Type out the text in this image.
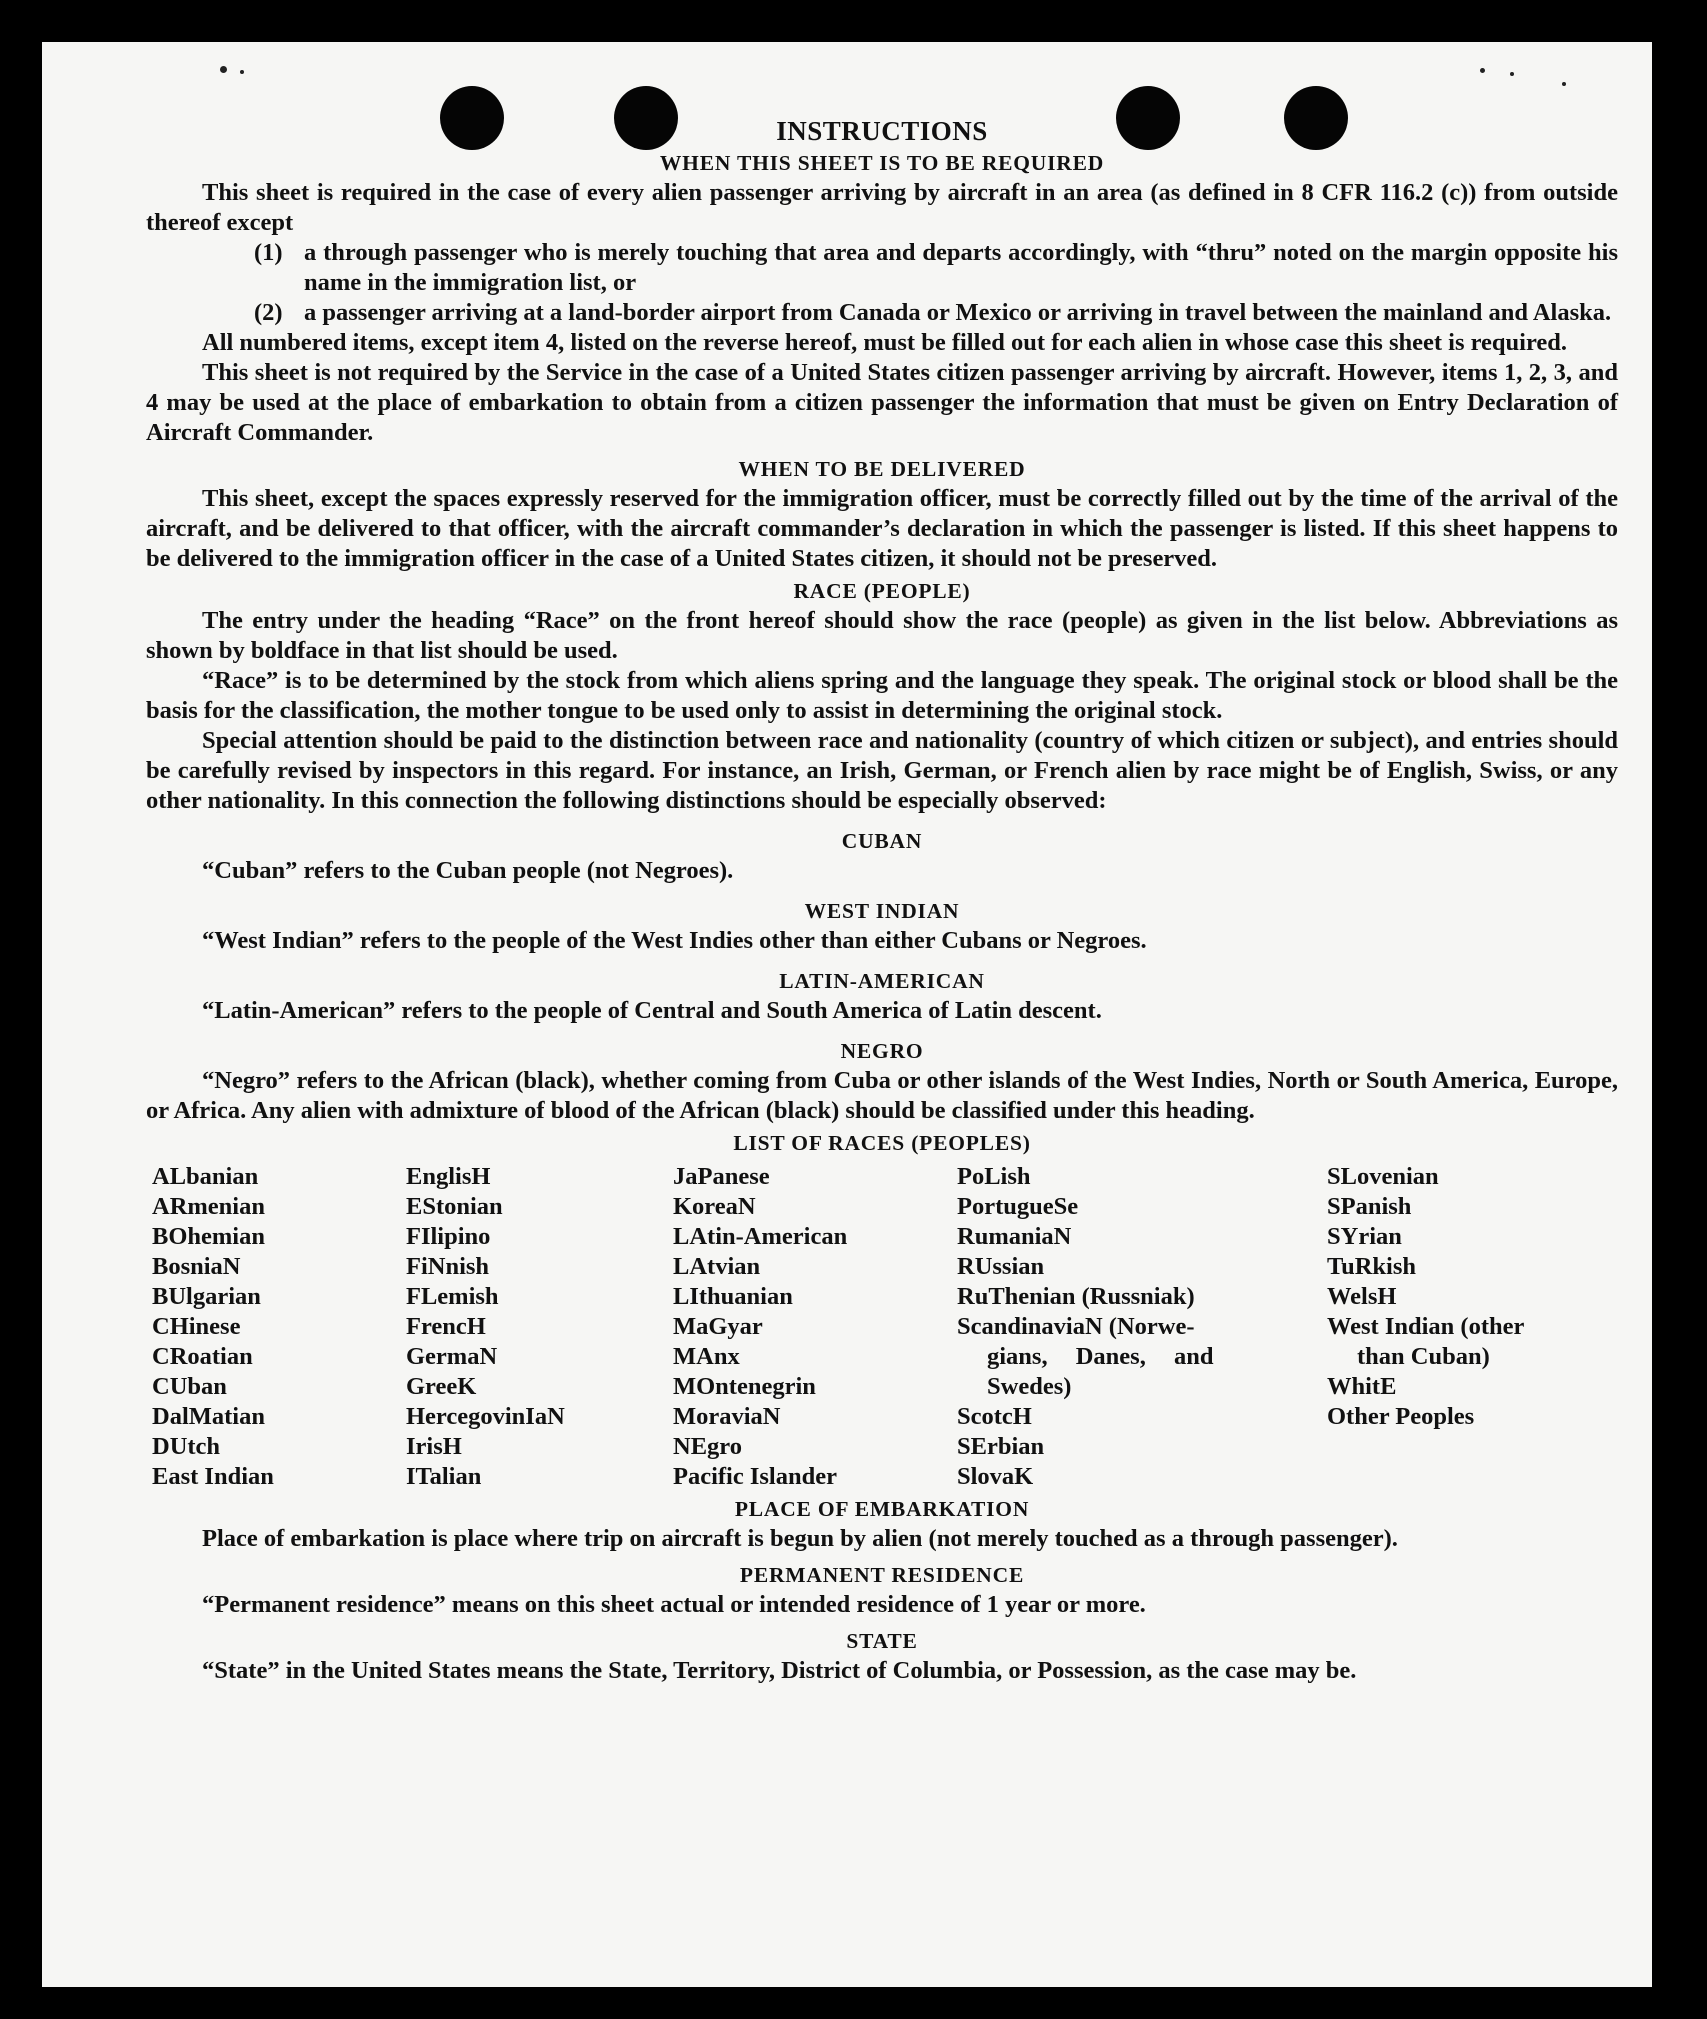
INSTRUCTIONS
WHEN THIS SHEET IS TO BE REQUIRED

This sheet is required in the case of every alien passenger arriving by aircraft in an area (as defined in 8 CFR 116.2 (c)) from outside thereof except

(1) a through passenger who is merely touching that area and departs accordingly, with “thru” noted on the margin opposite his name in the immigration list, or
(2) a passenger arriving at a land-border airport from Canada or Mexico or arriving in travel between the mainland and Alaska.

All numbered items, except item 4, listed on the reverse hereof, must be filled out for each alien in whose case this sheet is required.

This sheet is not required by the Service in the case of a United States citizen passenger arriving by aircraft. However, items 1, 2, 3, and 4 may be used at the place of embarkation to obtain from a citizen passenger the information that must be given on Entry Declaration of Aircraft Commander.

WHEN TO BE DELIVERED

This sheet, except the spaces expressly reserved for the immigration officer, must be correctly filled out by the time of the arrival of the aircraft, and be delivered to that officer, with the aircraft commander’s declaration in which the passenger is listed. If this sheet happens to be delivered to the immigration officer in the case of a United States citizen, it should not be preserved.

RACE (PEOPLE)

The entry under the heading “Race” on the front hereof should show the race (people) as given in the list below. Abbreviations as shown by boldface in that list should be used.

“Race” is to be determined by the stock from which aliens spring and the language they speak. The original stock or blood shall be the basis for the classification, the mother tongue to be used only to assist in determining the original stock.

Special attention should be paid to the distinction between race and nationality (country of which citizen or subject), and entries should be carefully revised by inspectors in this regard. For instance, an Irish, German, or French alien by race might be of English, Swiss, or any other nationality. In this connection the following distinctions should be especially observed:

CUBAN

“Cuban” refers to the Cuban people (not Negroes).

WEST INDIAN

“West Indian” refers to the people of the West Indies other than either Cubans or Negroes.

LATIN-AMERICAN

“Latin-American” refers to the people of Central and South America of Latin descent.

NEGRO

“Negro” refers to the African (black), whether coming from Cuba or other islands of the West Indies, North or South America, Europe, or Africa. Any alien with admixture of blood of the African (black) should be classified under this heading.

LIST OF RACES (PEOPLES)
ALbanian
ARmenian
BOhemian
BosniaN
BUlgarian
CHinese
CRoatian
CUban
DalMatian
DUtch
East Indian
EnglisH
EStonian
FIlipino
FiNnish
FLemish
FrencH
GermaN
GreeK
HercegovinIaN
IrisH
ITalian
JaPanese
KoreaN
LAtin-American
LAtvian
LIthuanian
MaGyar
MAnx
MOntenegrin
MoraviaN
NEgro
Pacific Islander
PoLish
PortugueSe
RumaniaN
RUssian
RuThenian (Russniak)
ScandinaviaN (Norwe-
gians, Danes, and
Swedes)
ScotcH
SErbian
SlovaK
SLovenian
SPanish
SYrian
TuRkish
WelsH
West Indian (other
than Cuban)
WhitE
Other Peoples
PLACE OF EMBARKATION

Place of embarkation is place where trip on aircraft is begun by alien (not merely touched as a through passenger).

PERMANENT RESIDENCE

“Permanent residence” means on this sheet actual or intended residence of 1 year or more.

STATE

“State” in the United States means the State, Territory, District of Columbia, or Possession, as the case may be.
